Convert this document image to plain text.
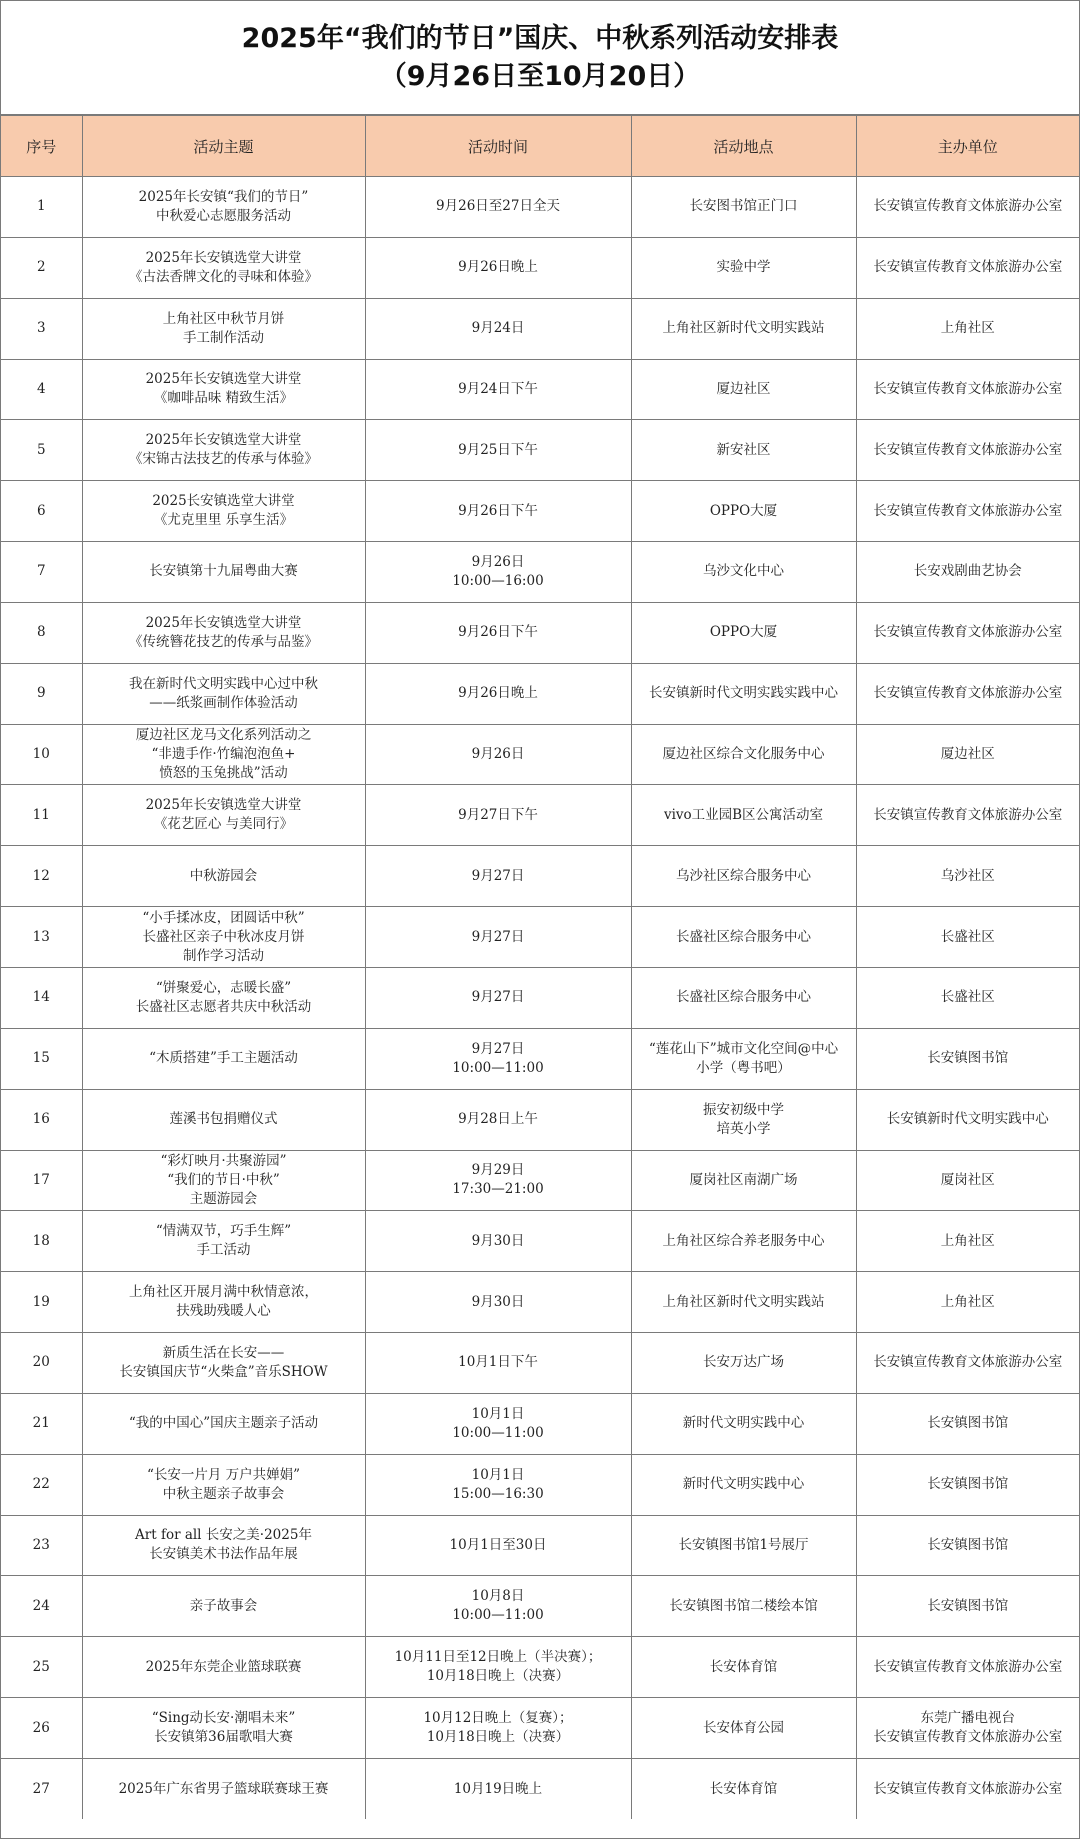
2025年“我们的节日”国庆、中秋系列活动安排表
（9月26日至10月20日）
序号	活动主题	活动时间	活动地点	主办单位
1	2025年长安镇“我们的节日”
中秋爱心志愿服务活动	9月26日至27日全天	长安图书馆正门口	长安镇宣传教育文体旅游办公室
2	2025年长安镇选堂大讲堂
《古法香牌文化的寻味和体验》	9月26日晚上	实验中学	长安镇宣传教育文体旅游办公室
3	上角社区中秋节月饼
手工制作活动	9月24日	上角社区新时代文明实践站	上角社区
4	2025年长安镇选堂大讲堂
《咖啡品味 精致生活》	9月24日下午	厦边社区	长安镇宣传教育文体旅游办公室
5	2025年长安镇选堂大讲堂
《宋锦古法技艺的传承与体验》	9月25日下午	新安社区	长安镇宣传教育文体旅游办公室
6	2025长安镇选堂大讲堂
《尤克里里 乐享生活》	9月26日下午	OPPO大厦	长安镇宣传教育文体旅游办公室
7	长安镇第十九届粤曲大赛	9月26日
10:00—16:00	乌沙文化中心	长安戏剧曲艺协会
8	2025年长安镇选堂大讲堂
《传统簪花技艺的传承与品鉴》	9月26日下午	OPPO大厦	长安镇宣传教育文体旅游办公室
9	我在新时代文明实践中心过中秋
——纸浆画制作体验活动	9月26日晚上	长安镇新时代文明实践实践中心	长安镇宣传教育文体旅游办公室
10	厦边社区龙马文化系列活动之
“非遗手作·竹编泡泡鱼+
愤怒的玉兔挑战”活动	9月26日	厦边社区综合文化服务中心	厦边社区
11	2025年长安镇选堂大讲堂
《花艺匠心 与美同行》	9月27日下午	vivo工业园B区公寓活动室	长安镇宣传教育文体旅游办公室
12	中秋游园会	9月27日	乌沙社区综合服务中心	乌沙社区
13	“小手揉冰皮，团圆话中秋”
长盛社区亲子中秋冰皮月饼
制作学习活动	9月27日	长盛社区综合服务中心	长盛社区
14	“饼聚爱心，志暖长盛”
长盛社区志愿者共庆中秋活动	9月27日	长盛社区综合服务中心	长盛社区
15	“木质搭建”手工主题活动	9月27日
10:00—11:00	“莲花山下”城市文化空间@中心
小学（粤书吧）	长安镇图书馆
16	莲溪书包捐赠仪式	9月28日上午	振安初级中学
培英小学	长安镇新时代文明实践中心
17	“彩灯映月·共聚游园”
“我们的节日·中秋”
主题游园会	9月29日
17:30—21:00	厦岗社区南湖广场	厦岗社区
18	“情满双节，巧手生辉”
手工活动	9月30日	上角社区综合养老服务中心	上角社区
19	上角社区开展月满中秋情意浓，
扶残助残暖人心	9月30日	上角社区新时代文明实践站	上角社区
20	新质生活在长安——
长安镇国庆节“火柴盒”音乐SHOW	10月1日下午	长安万达广场	长安镇宣传教育文体旅游办公室
21	“我的中国心”国庆主题亲子活动	10月1日
10:00—11:00	新时代文明实践中心	长安镇图书馆
22	“长安一片月 万户共婵娟”
中秋主题亲子故事会	10月1日
15:00—16:30	新时代文明实践中心	长安镇图书馆
23	Art for all 长安之美·2025年
长安镇美术书法作品年展	10月1日至30日	长安镇图书馆1号展厅	长安镇图书馆
24	亲子故事会	10月8日
10:00—11:00	长安镇图书馆二楼绘本馆	长安镇图书馆
25	2025年东莞企业篮球联赛	10月11日至12日晚上（半决赛）；
10月18日晚上（决赛）	长安体育馆	长安镇宣传教育文体旅游办公室
26	“Sing动长安·潮唱未来”
长安镇第36届歌唱大赛	10月12日晚上（复赛）；
10月18日晚上（决赛）	长安体育公园	东莞广播电视台
长安镇宣传教育文体旅游办公室
27	2025年广东省男子篮球联赛球王赛	10月19日晚上	长安体育馆	长安镇宣传教育文体旅游办公室
